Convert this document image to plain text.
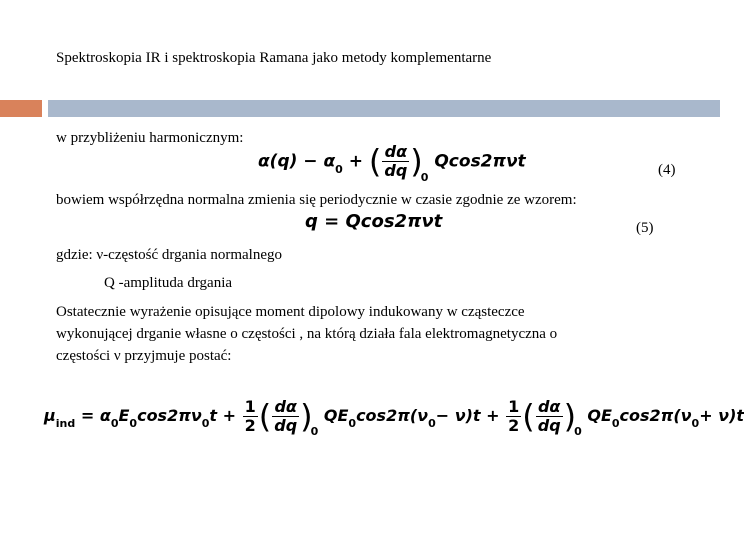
Spektroskopia IR i spektroskopia Ramana jako metody komplementarne
w przybliżeniu harmonicznym:
$\alpha(q) - \alpha_0$ + ( $\frac{d\alpha}{dq} )_0$ Qcos2πνt	(4)
bowiem współrzędna normalna zmienia się periodycznie w czasie zgodnie ze wzorem:
q = Qcos2πνt	(5)
gdzie: ν-częstość drgania normalnego
Q -amplituda drgania
Ostatecznie wyrażenie opisujące moment dipolowy indukowany w cząsteczce
wykonującej drganie własne o częstości , na którą działa fala elektromagnetyczna o
częstości ν przyjmuje postać:
$\mu_{ind} = \alpha_0E_0\cos 2\pi\nu_0t + \frac{1}{2}$ ( $\frac{d\alpha}{dq} )_0$ $QE_0\cos 2\pi(\nu_0- \nu)t + \frac{1}{2}$ ( $\frac{d\alpha}{dq} )_0$ $QE_0\cos 2\pi(\nu_0+ \nu)t$
